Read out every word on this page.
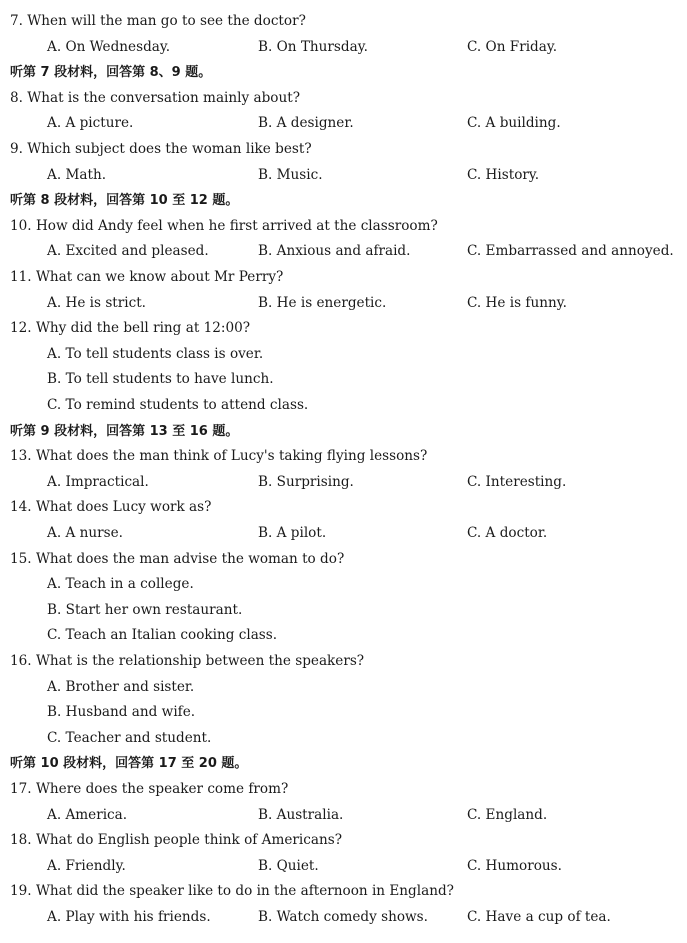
7. When will the man go to see the doctor?
A. On Wednesday.	B. On Thursday.	C. On Friday.
听第 7 段材料，回答第 8、9 题。
8. What is the conversation mainly about?
A. A picture.	B. A designer.	C. A building.
9. Which subject does the woman like best?
A. Math.	B. Music.	C. History.
听第 8 段材料，回答第 10 至 12 题。
10. How did Andy feel when he first arrived at the classroom?
A. Excited and pleased.	B. Anxious and afraid.	C. Embarrassed and annoyed.
11. What can we know about Mr Perry?
A. He is strict.	B. He is energetic.	C. He is funny.
12. Why did the bell ring at 12:00?
A. To tell students class is over.
B. To tell students to have lunch.
C. To remind students to attend class.
听第 9 段材料，回答第 13 至 16 题。
13. What does the man think of Lucy's taking flying lessons?
A. Impractical.	B. Surprising.	C. Interesting.
14. What does Lucy work as?
A. A nurse.	B. A pilot.	C. A doctor.
15. What does the man advise the woman to do?
A. Teach in a college.
B. Start her own restaurant.
C. Teach an Italian cooking class.
16. What is the relationship between the speakers?
A. Brother and sister.
B. Husband and wife.
C. Teacher and student.
听第 10 段材料，回答第 17 至 20 题。
17. Where does the speaker come from?
A. America.	B. Australia.	C. England.
18. What do English people think of Americans?
A. Friendly.	B. Quiet.	C. Humorous.
19. What did the speaker like to do in the afternoon in England?
A. Play with his friends.	B. Watch comedy shows.	C. Have a cup of tea.
